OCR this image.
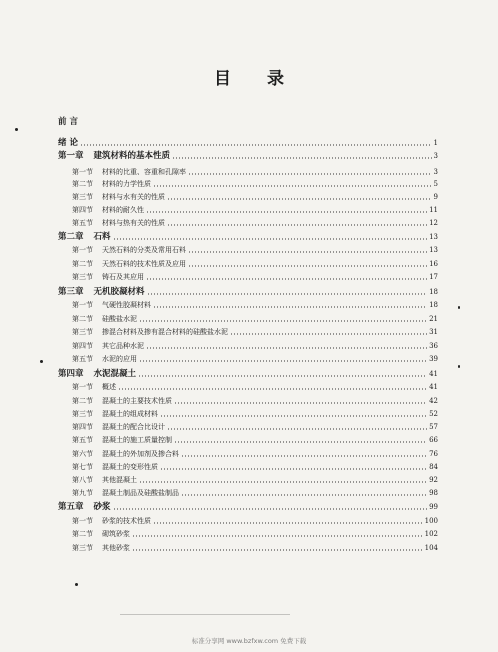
目录
前 言
绪 论	1
第一章 建筑材料的基本性质	3
第一节 材料的比重、容重和孔隙率	3
第二节 材料的力学性质	5
第三节 材料与水有关的性质	9
第四节 材料的耐久性	11
第五节 材料与热有关的性质	12
第二章 石料	13
第一节 天然石料的分类及常用石料	13
第二节 天然石料的技术性质及应用	16
第三节 铸石及其应用	17
第三章 无机胶凝材料	18
第一节 气硬性胶凝材料	18
第二节 硅酸盐水泥	21
第三节 掺混合材料及掺有混合材料的硅酸盐水泥	31
第四节 其它品种水泥	36
第五节 水泥的应用	39
第四章 水泥混凝土	41
第一节 概述	41
第二节 混凝土的主要技术性质	42
第三节 混凝土的组成材料	52
第四节 混凝土的配合比设计	57
第五节 混凝土的施工质量控制	66
第六节 混凝土的外加剂及掺合料	76
第七节 混凝土的变形性质	84
第八节 其他混凝土	92
第九节 混凝土制品及硅酸盐制品	98
第五章 砂浆	99
第一节 砂浆的技术性质	100
第二节 砌筑砂浆	102
第三节 其他砂浆	104
标准分享网 www.bzfxw.com 免费下载
